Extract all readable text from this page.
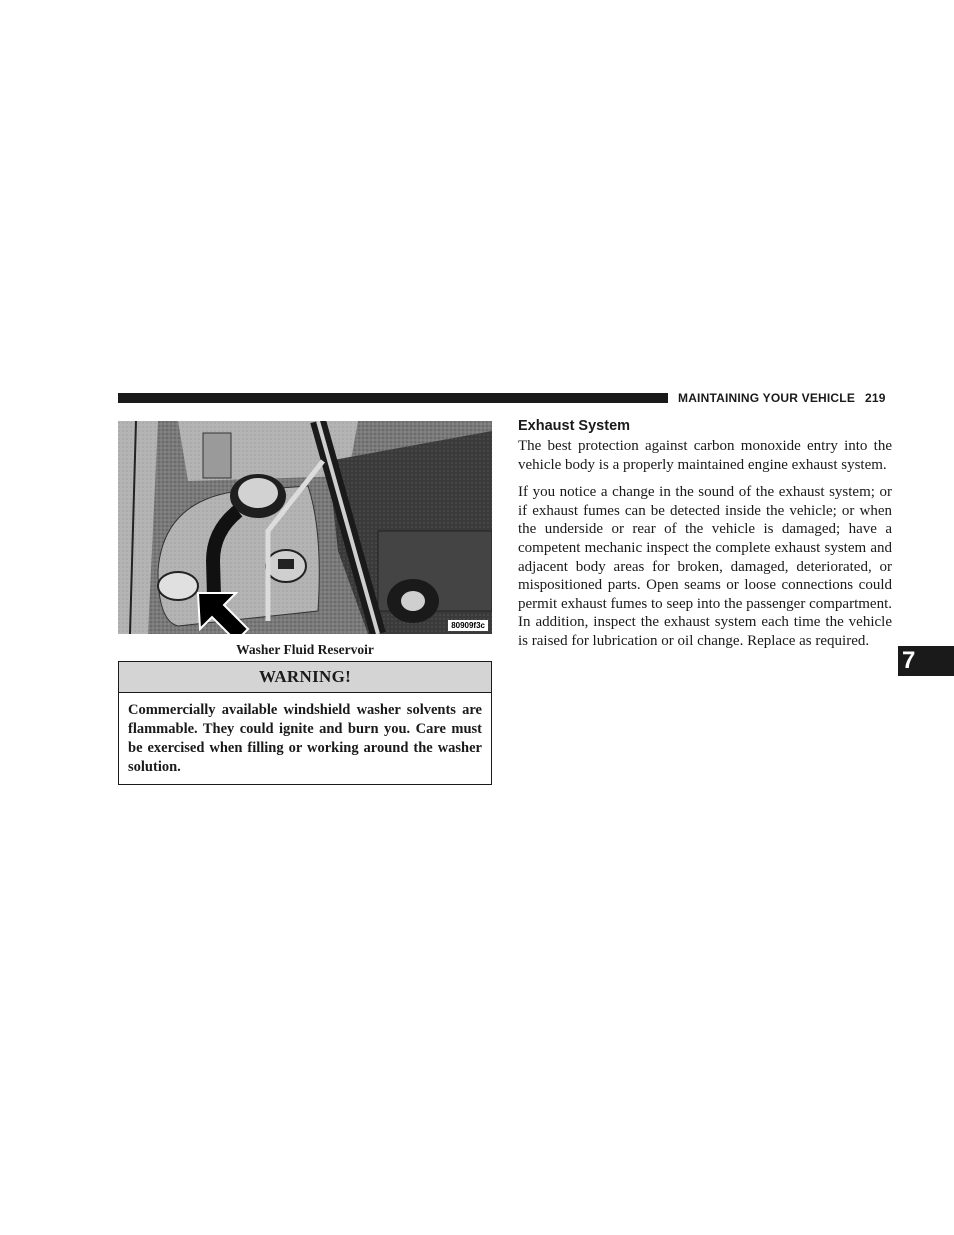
MAINTAINING YOUR VEHICLE 219
80909f3c
Washer Fluid Reservoir
WARNING!
Commercially available windshield washer solvents are flammable. They could ignite and burn you. Care must be exercised when filling or working around the washer solution.
Exhaust System

The best protection against carbon monoxide entry into the vehicle body is a properly maintained engine exhaust system.

If you notice a change in the sound of the exhaust system; or if exhaust fumes can be detected inside the vehicle; or when the underside or rear of the vehicle is damaged; have a competent mechanic inspect the complete exhaust system and adjacent body areas for broken, damaged, deteriorated, or mispositioned parts. Open seams or loose connections could permit exhaust fumes to seep into the passenger compartment. In addition, inspect the exhaust system each time the vehicle is raised for lubrication or oil change. Replace as required.

7
